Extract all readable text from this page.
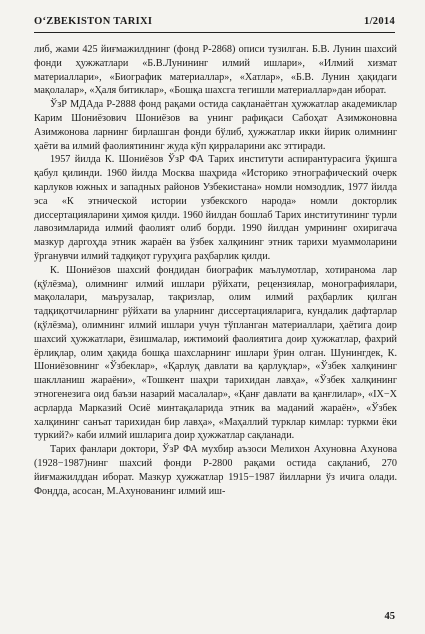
O‘ZBEKISTON TARIXI	1/2014

либ, жами 425 йиғмажилднинг (фонд Р-2868) описи тузилган. Б.В. Лунин шахсий фонди ҳужжатлари «Б.В.Лунининг илмий ишлари», «Илмий хизмат материаллари», «Биографик материаллар», «Хатлар», «Б.В. Лунин ҳақидаги мақолалар», «Ҳаля битиклар», «Бошқа шахсга тегишли материаллар»дан иборат.

ЎзР МДАда Р-2888 фонд рақами остида сақланаётган ҳужжатлар академиклар Карим Шониёзович Шониёзов ва унинг рафиқаси Сабоҳат Азимжоновна Азимжонова ларнинг бирлашган фонди бўлиб, ҳужжатлар икки йирик олимнинг ҳаёти ва илмий фаолиятининг жуда кўп қирраларини акс эттиради.

1957 йилда К. Шониёзов ЎзР ФА Тарих институти аспирантурасига ўқишга қабул қилинди. 1960 йилда Москва шаҳрида «Историко этнографический очерк карлуков южных и западных районов Узбекистана» номли номзодлик, 1977 йилда эса «К этнической истории узбекского народа» номли докторлик диссертацияларини ҳимоя қилди. 1960 йилдан бошлаб Тарих институтининг турли лавозимларида илмий фаолият олиб борди. 1990 йилдан умрининг охиригача мазкур даргоҳда этник жараён ва ўзбек халқининг этник тарихи муаммоларини ўрганувчи илмий тадқиқот гуруҳига раҳбарлик қилди.

К. Шониёзов шахсий фондидан биографик маълумотлар, хотиранома лар (қўлёзма), олимнинг илмий ишлари рўйхати, рецензиялар, монографиялари, мақолалари, маърузалар, тақризлар, олим илмий раҳбарлик қилган тадқиқотчиларнинг рўйхати ва уларнинг диссертацияларига, кундалик дафтарлар (қўлёзма), олимнинг илмий ишлари учун тўпланган материаллари, ҳаётига доир шахсий ҳужжатлари, ёзишмалар, ижтимоий фаолиятига доир ҳужжатлар, фахрий ёрлиқлар, олим ҳақида бошқа шахсларнинг ишлари ўрин олган. Шунингдек, К. Шониёзовнинг «Ўзбеклар», «Қарлуқ давлати ва қарлуқлар», «Ўзбек халқининг шаклланиш жараёни», «Тошкент шаҳри тарихидан лавҳа», «Ўзбек халқининг этногенезига оид баъзи назарий масалалар», «Қанғ давлати ва қанғлилар», «IX−X асрларда Марказий Осиё минтақаларида этник ва маданий жараён», «Ўзбек халқининг санъат тарихидан бир лавҳа», «Маҳаллий турклар кимлар: туркми ёки туркий?» каби илмий ишларига доир ҳужжатлар сақланади.

Тарих фанлари доктори, ЎзР ФА мухбир аъзоси Мелихон Ахуновна Ахунова (1928−1987)нинг шахсий фонди Р-2800 рақами остида сақланиб, 270 йиғмажилддан иборат. Мазкур ҳужжатлар 1915−1987 йилларни ўз ичига олади. Фондда, асосан, М.Ахунованинг илмий иш-

45
